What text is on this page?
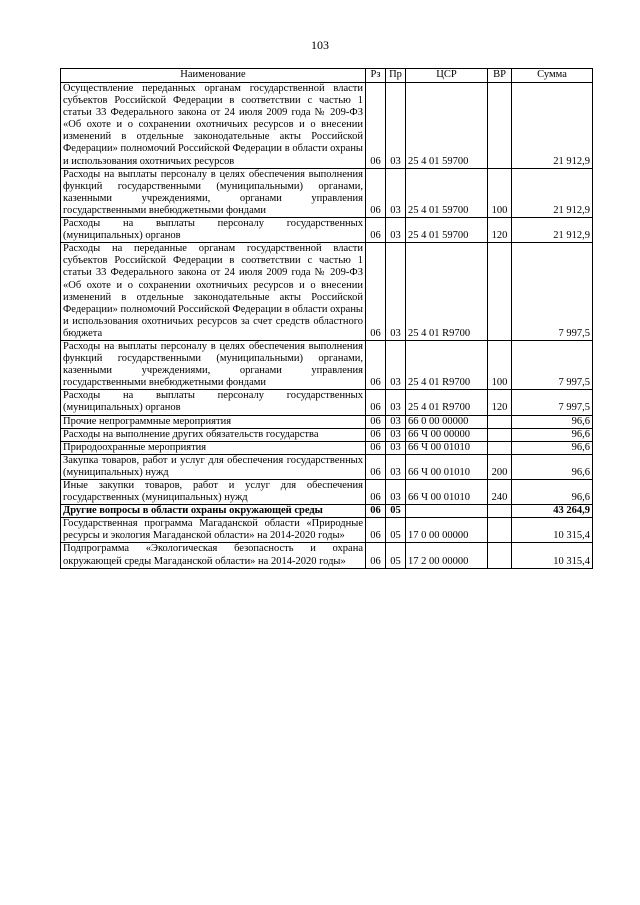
103
Наименование	Рз	Пр	ЦСР	ВР	Сумма
Осуществление переданных органам государственной власти субъектов Российской Федерации в соответствии с частью 1 статьи 33 Федерального закона от 24 июля 2009 года № 209-ФЗ «Об охоте и о сохранении охотничьих ресурсов и о внесении изменений в отдельные законодательные акты Российской Федерации» полномочий Российской Федерации в области охраны и использования охотничьих ресурсов	06	03	25 4 01 59700		21 912,9
Расходы на выплаты персоналу в целях обеспечения выполнения функций государственными (муниципальными) органами, казенными учреждениями, органами управления государственными внебюджетными фондами	06	03	25 4 01 59700	100	21 912,9
Расходы на выплаты персоналу государственных (муниципальных) органов	06	03	25 4 01 59700	120	21 912,9
Расходы на переданные органам государственной власти субъектов Российской Федерации в соответствии с частью 1 статьи 33 Федерального закона от 24 июля 2009 года № 209-ФЗ «Об охоте и о сохранении охотничьих ресурсов и о внесении изменений в отдельные законодательные акты Российской Федерации» полномочий Российской Федерации в области охраны и использования охотничьих ресурсов за счет средств областного бюджета	06	03	25 4 01 R9700		7 997,5
Расходы на выплаты персоналу в целях обеспечения выполнения функций государственными (муниципальными) органами, казенными учреждениями, органами управления государственными внебюджетными фондами	06	03	25 4 01 R9700	100	7 997,5
Расходы на выплаты персоналу государственных (муниципальных) органов	06	03	25 4 01 R9700	120	7 997,5
Прочие непрограммные мероприятия	06	03	66 0 00 00000		96,6
Расходы на выполнение других обязательств государства	06	03	66 Ч 00 00000		96,6
Природоохранные мероприятия	06	03	66 Ч 00 01010		96,6
Закупка товаров, работ и услуг для обеспечения государственных (муниципальных) нужд	06	03	66 Ч 00 01010	200	96,6
Иные закупки товаров, работ и услуг для обеспечения государственных (муниципальных) нужд	06	03	66 Ч 00 01010	240	96,6
Другие вопросы в области охраны окружающей среды	06	05			43 264,9
Государственная программа Магаданской области «Природные ресурсы и экология Магаданской области» на 2014-2020 годы»	06	05	17 0 00 00000		10 315,4
Подпрограмма «Экологическая безопасность и охрана окружающей среды Магаданской области» на 2014-2020 годы»	06	05	17 2 00 00000		10 315,4
